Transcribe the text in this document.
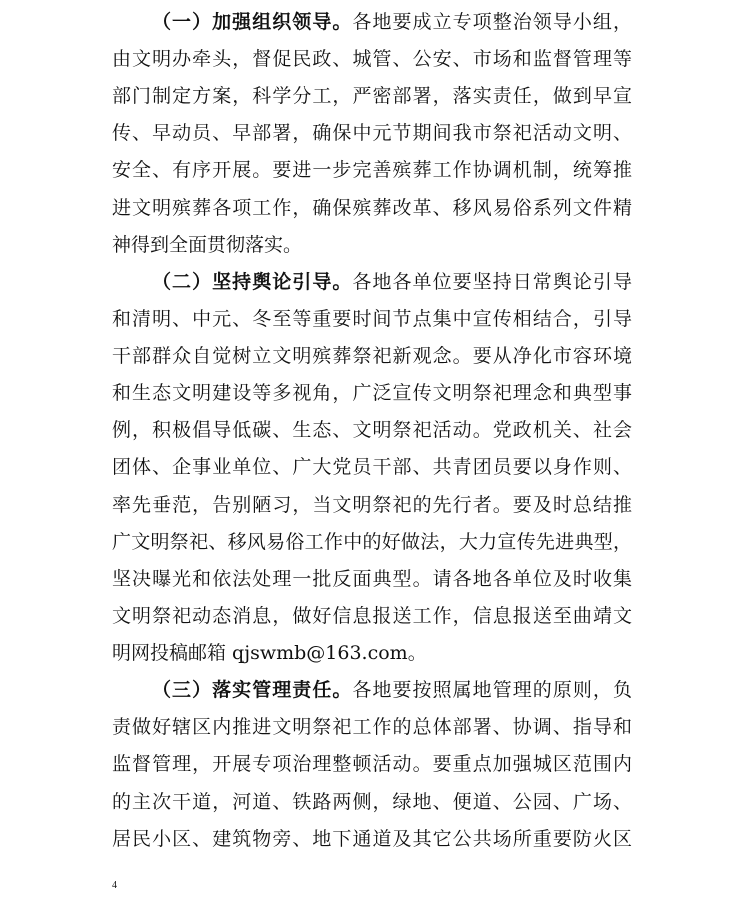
（一）加强组织领导。各地要成立专项整治领导小组，
由文明办牵头，督促民政、城管、公安、市场和监督管理等
部门制定方案，科学分工，严密部署，落实责任，做到早宣
传、早动员、早部署，确保中元节期间我市祭祀活动文明、
安全、有序开展。要进一步完善殡葬工作协调机制，统筹推
进文明殡葬各项工作，确保殡葬改革、移风易俗系列文件精
神得到全面贯彻落实。
（二）坚持舆论引导。各地各单位要坚持日常舆论引导
和清明、中元、冬至等重要时间节点集中宣传相结合，引导
干部群众自觉树立文明殡葬祭祀新观念。要从净化市容环境
和生态文明建设等多视角，广泛宣传文明祭祀理念和典型事
例，积极倡导低碳、生态、文明祭祀活动。党政机关、社会
团体、企事业单位、广大党员干部、共青团员要以身作则、
率先垂范，告别陋习，当文明祭祀的先行者。要及时总结推
广文明祭祀、移风易俗工作中的好做法，大力宣传先进典型，
坚决曝光和依法处理一批反面典型。请各地各单位及时收集
文明祭祀动态消息，做好信息报送工作，信息报送至曲靖文
明网投稿邮箱 qjswmb@163.com。
（三）落实管理责任。各地要按照属地管理的原则，负
责做好辖区内推进文明祭祀工作的总体部署、协调、指导和
监督管理，开展专项治理整顿活动。要重点加强城区范围内
的主次干道，河道、铁路两侧，绿地、便道、公园、广场、
居民小区、建筑物旁、地下通道及其它公共场所重要防火区
4
